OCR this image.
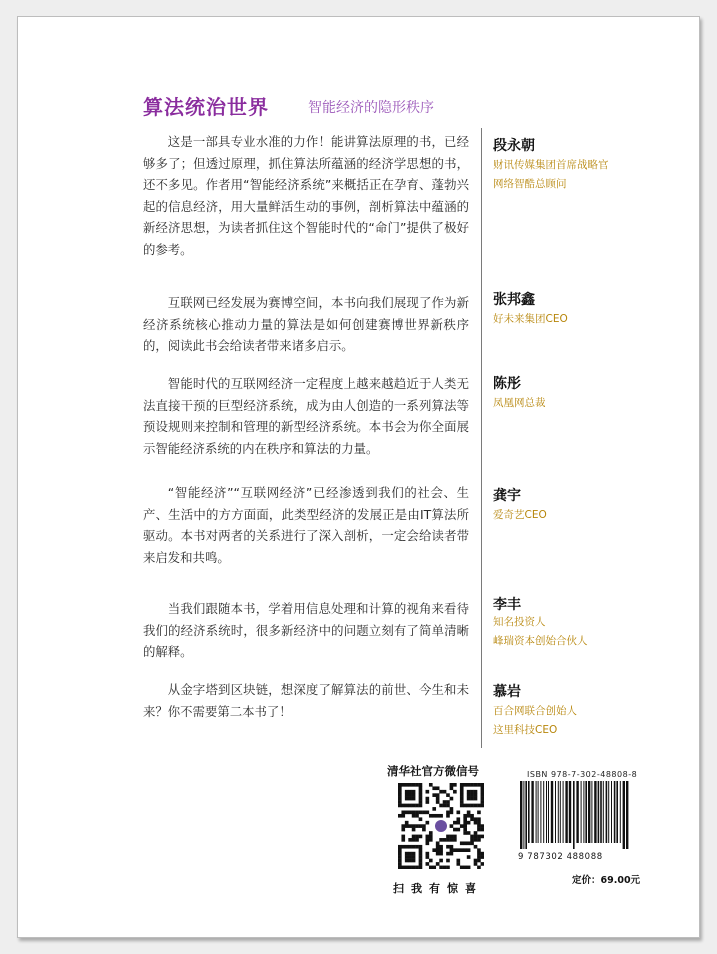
算法统治世界	智能经济的隐形秩序
这是一部具专业水准的力作！能讲算法原理的书，已经够多了；但透过原理，抓住算法所蕴涵的经济学思想的书，还不多见。作者用“智能经济系统”来概括正在孕育、蓬勃兴起的信息经济，用大量鲜活生动的事例，剖析算法中蕴涵的新经济思想，为读者抓住这个智能时代的“命门”提供了极好的参考。
互联网已经发展为赛博空间，本书向我们展现了作为新经济系统核心推动力量的算法是如何创建赛博世界新秩序的，阅读此书会给读者带来诸多启示。
智能时代的互联网经济一定程度上越来越趋近于人类无法直接干预的巨型经济系统，成为由人创造的一系列算法等预设规则来控制和管理的新型经济系统。本书会为你全面展示智能经济系统的内在秩序和算法的力量。
“智能经济”“互联网经济”已经渗透到我们的社会、生产、生活中的方方面面，此类型经济的发展正是由IT算法所驱动。本书对两者的关系进行了深入剖析，一定会给读者带来启发和共鸣。
当我们跟随本书，学着用信息处理和计算的视角来看待我们的经济系统时，很多新经济中的问题立刻有了简单清晰的解释。
从金字塔到区块链，想深度了解算法的前世、今生和未来？你不需要第二本书了！
段永朝
财讯传媒集团首席战略官
网络智酷总顾问
张邦鑫
好未来集团CEO
陈彤
凤凰网总裁
龚宇
爱奇艺CEO
李丰
知名投资人
峰瑞资本创始合伙人
慕岩
百合网联合创始人
这里科技CEO
清华社官方微信号
扫我有惊喜
ISBN 978-7-302-48808-8
9 787302 488088
定价：69.00元
